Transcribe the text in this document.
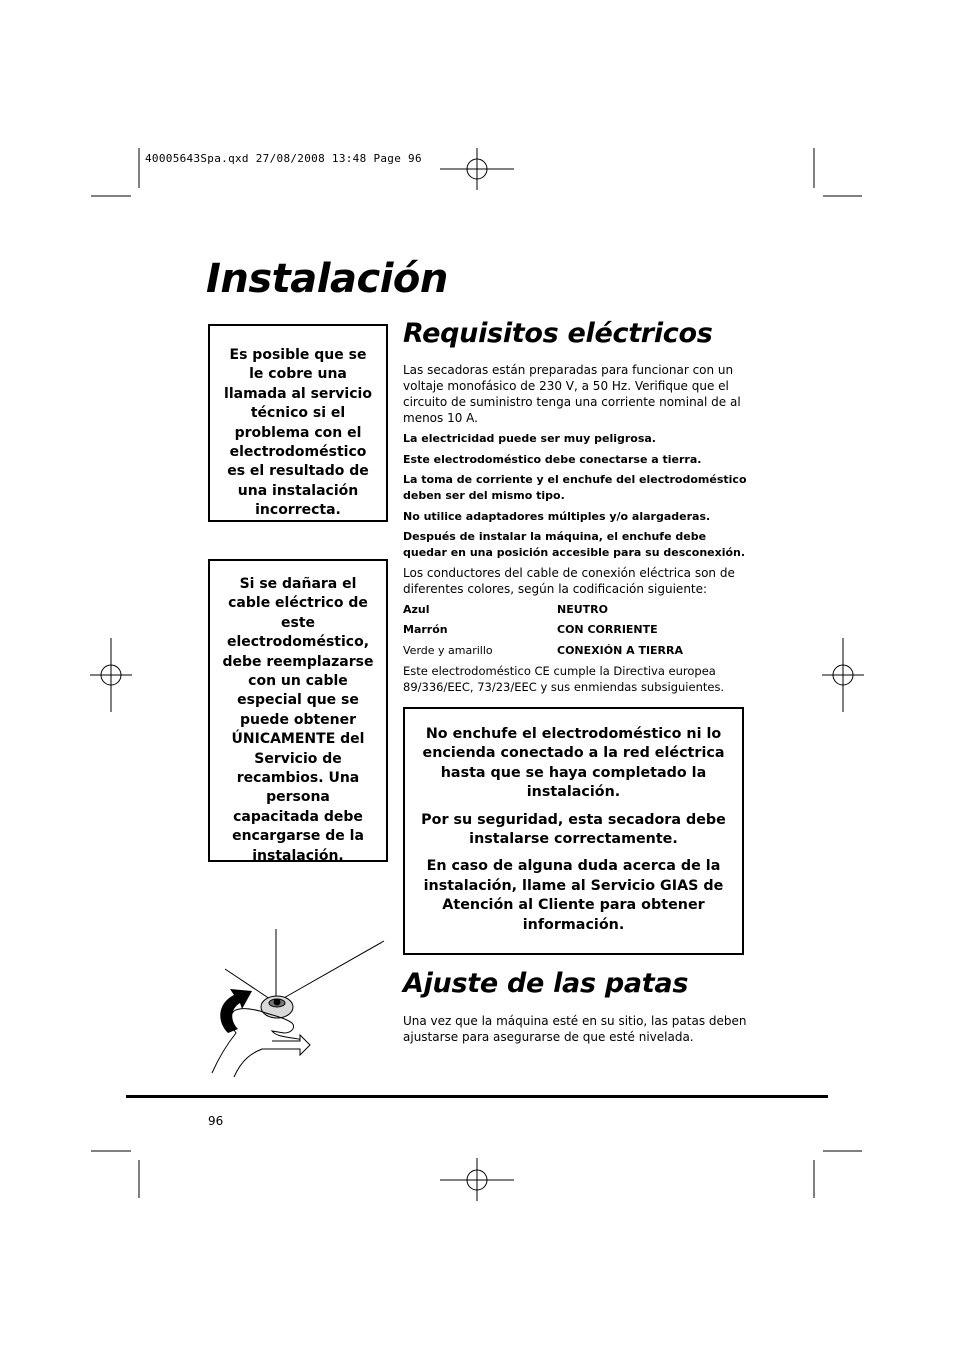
40005643Spa.qxd 27/08/2008 13:48 Page 96
Instalación

Es posible que se le cobre una llamada al servicio técnico si el problema con el electrodoméstico es el resultado de una instalación incorrecta.

Si se dañara el cable eléctrico de este electrodoméstico, debe reemplazarse con un cable especial que se puede obtener ÚNICAMENTE del Servicio de recambios. Una persona capacitada debe encargarse de la instalación.

Requisitos eléctricos

Las secadoras están preparadas para funcionar con un voltaje monofásico de 230 V, a 50 Hz. Verifique que el circuito de suministro tenga una corriente nominal de al menos 10 A.

La electricidad puede ser muy peligrosa.

Este electrodoméstico debe conectarse a tierra.

La toma de corriente y el enchufe del electrodoméstico deben ser del mismo tipo.

No utilice adaptadores múltiples y/o alargaderas.

Después de instalar la máquina, el enchufe debe quedar en una posición accesible para su desconexión.

Los conductores del cable de conexión eléctrica son de diferentes colores, según la codificación siguiente:

Azul	NEUTRO
Marrón	CON CORRIENTE
Verde y amarillo	CONEXIÓN A TIERRA

Este electrodoméstico CE cumple la Directiva europea 89/336/EEC, 73/23/EEC y sus enmiendas subsiguientes.

No enchufe el electrodoméstico ni lo encienda conectado a la red eléctrica hasta que se haya completado la instalación.

Por su seguridad, esta secadora debe instalarse correctamente.

En caso de alguna duda acerca de la instalación, llame al Servicio GIAS de Atención al Cliente para obtener información.

Ajuste de las patas

Una vez que la máquina esté en su sitio, las patas deben ajustarse para asegurarse de que esté nivelada.

96
